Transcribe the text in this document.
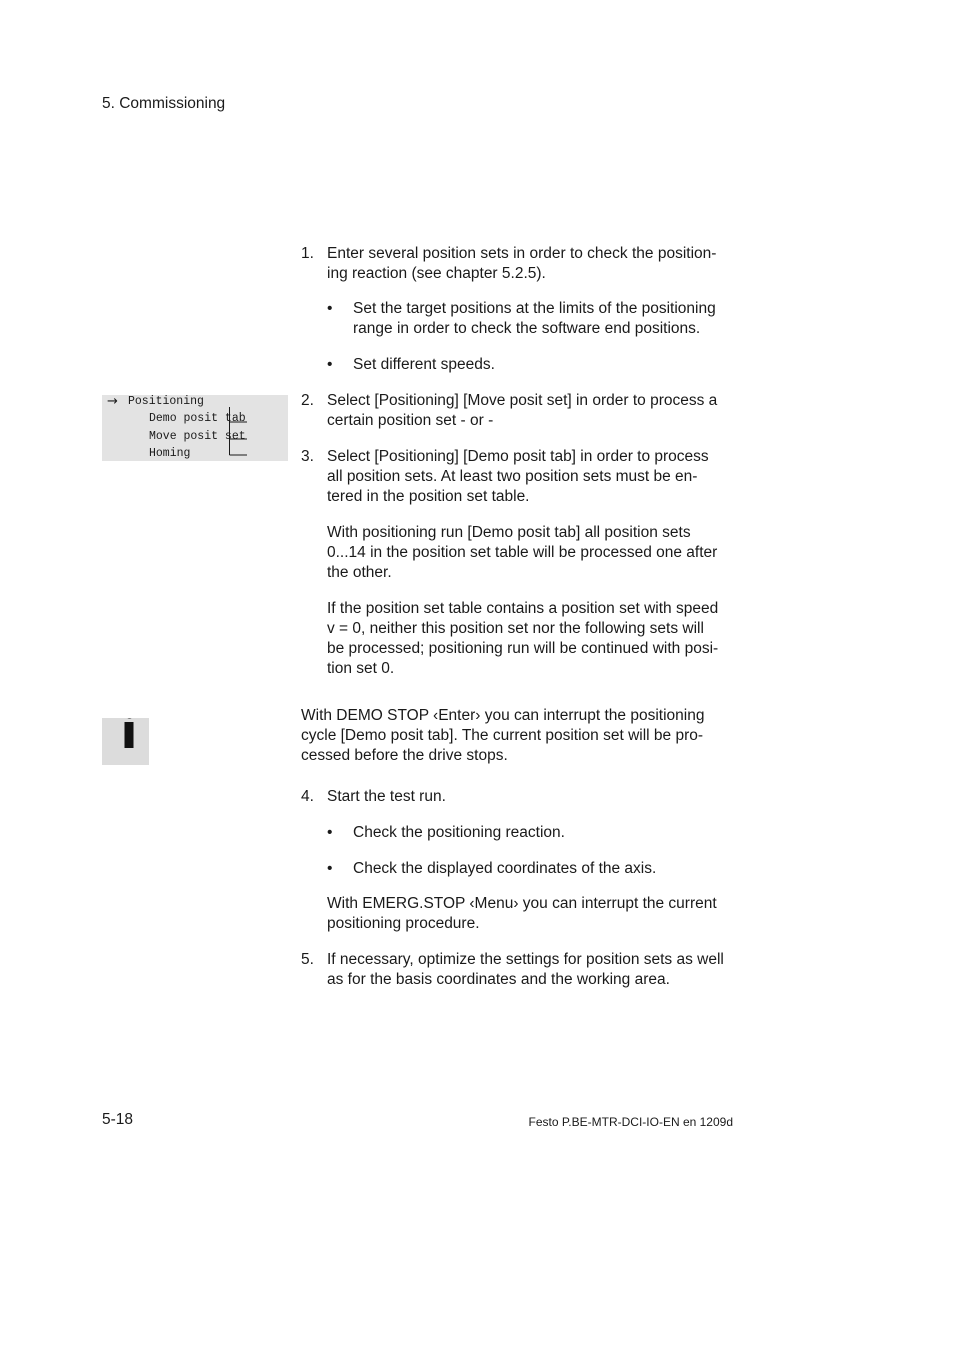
5. Commissioning
→ Positioning
Demo posit tab
Move posit set
Homing
1. Enter several position sets in order to check the position-
ing reaction (see chapter 5.2.5).
• Set the target positions at the limits of the positioning
range in order to check the software end positions.
• Set different speeds.
2. Select [Positioning] [Move posit set] in order to process a
certain position set - or -
3. Select [Positioning] [Demo posit tab] in order to process
all position sets. At least two position sets must be en-
tered in the position set table.
With positioning run [Demo posit tab] all position sets
0...14 in the position set table will be processed one after
the other.
If the position set table contains a position set with speed
v = 0, neither this position set nor the following sets will
be processed; positioning run will be continued with posi-
tion set 0.
With DEMO STOP ‹Enter› you can interrupt the positioning
cycle [Demo posit tab]. The current position set will be pro-
cessed before the drive stops.
4. Start the test run.
• Check the positioning reaction.
• Check the displayed coordinates of the axis.
With EMERG.STOP ‹Menu› you can interrupt the current
positioning procedure.
5. If necessary, optimize the settings for position sets as well
as for the basis coordinates and the working area.
5-18	Festo P.BE-MTR-DCI-IO-EN en 1209d
